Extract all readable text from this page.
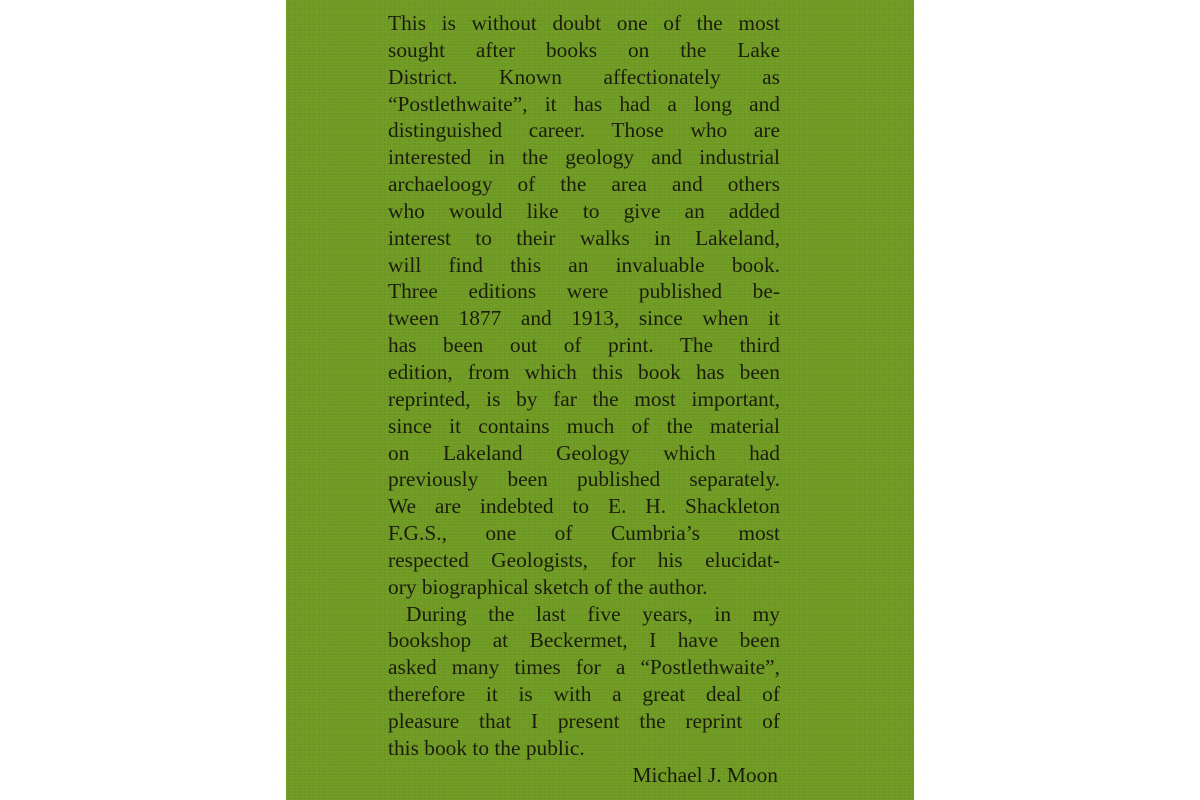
This is without doubt one of the most
sought after books on the Lake
District. Known affectionately as
“Postlethwaite”, it has had a long and
distinguished career. Those who are
interested in the geology and industrial
archaeloogy of the area and others
who would like to give an added
interest to their walks in Lakeland,
will find this an invaluable book.
Three editions were published be-
tween 1877 and 1913, since when it
has been out of print. The third
edition, from which this book has been
reprinted, is by far the most important,
since it contains much of the material
on Lakeland Geology which had
previously been published separately.
We are indebted to E. H. Shackleton
F.G.S., one of Cumbria’s most
respected Geologists, for his elucidat-
ory biographical sketch of the author.
During the last five years, in my
bookshop at Beckermet, I have been
asked many times for a “Postlethwaite”,
therefore it is with a great deal of
pleasure that I present the reprint of
this book to the public.
Michael J. Moon
